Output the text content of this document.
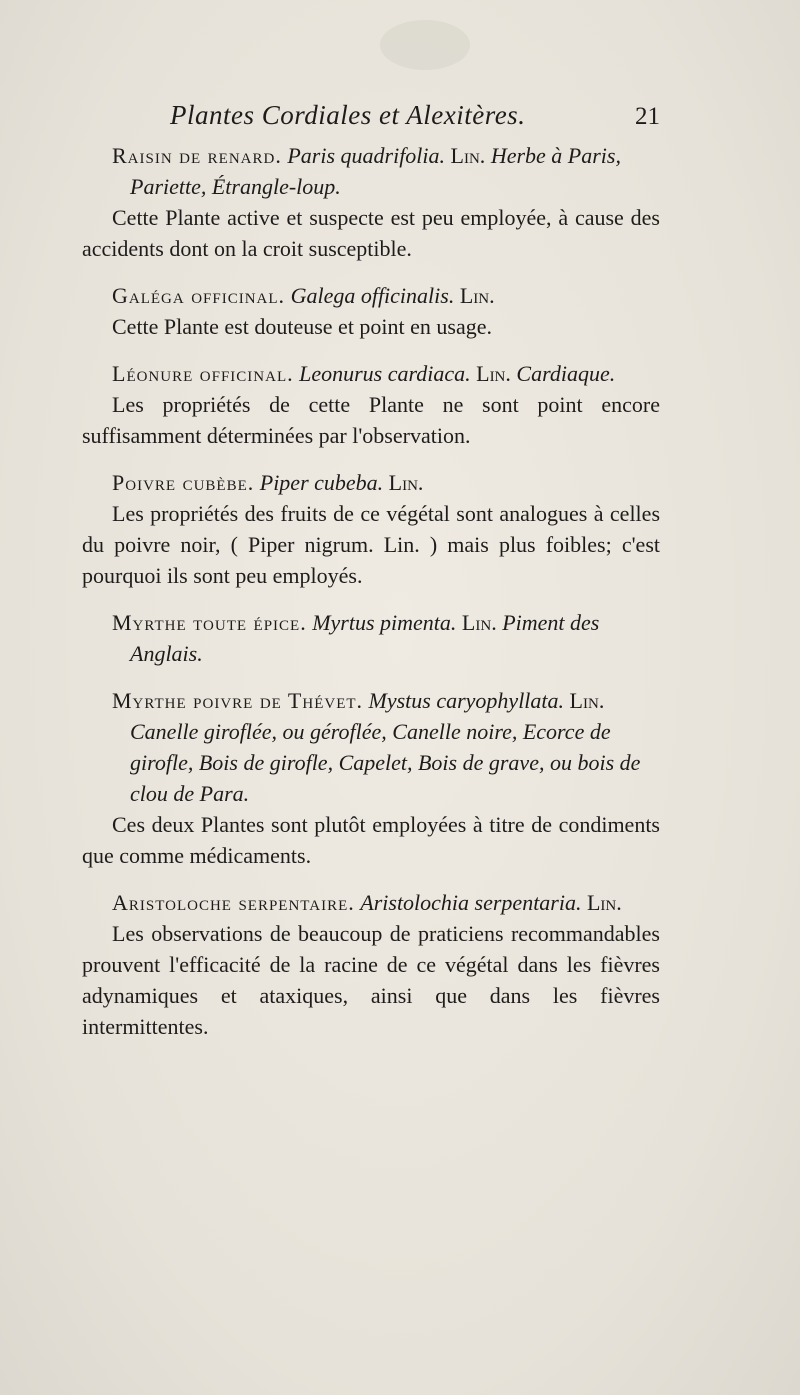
Plantes Cordiales et Alexitères.	21
Raisin de renard. Paris quadrifolia. Lin. Herbe à Paris, Pariette, Étrangle-loup.
Cette Plante active et suspecte est peu employée, à cause des accidents dont on la croit susceptible.
Galéga officinal. Galega officinalis. Lin.
Cette Plante est douteuse et point en usage.
Léonure officinal. Leonurus cardiaca. Lin. Cardiaque.
Les propriétés de cette Plante ne sont point encore suffisamment déterminées par l'observation.
Poivre cubèbe. Piper cubeba. Lin.
Les propriétés des fruits de ce végétal sont analogues à celles du poivre noir, ( Piper nigrum. Lin. ) mais plus foibles; c'est pourquoi ils sont peu employés.
Myrthe toute épice. Myrtus pimenta. Lin. Piment des Anglais.
Myrthe poivre de Thévet. Mystus caryophyllata. Lin. Canelle giroflée, ou géroflée, Canelle noire, Ecorce de girofle, Bois de girofle, Capelet, Bois de grave, ou bois de clou de Para.
Ces deux Plantes sont plutôt employées à titre de condiments que comme médicaments.
Aristoloche serpentaire. Aristolochia serpentaria. Lin.
Les observations de beaucoup de praticiens recommandables prouvent l'efficacité de la racine de ce végétal dans les fièvres adynamiques et ataxiques, ainsi que dans les fièvres intermittentes.
